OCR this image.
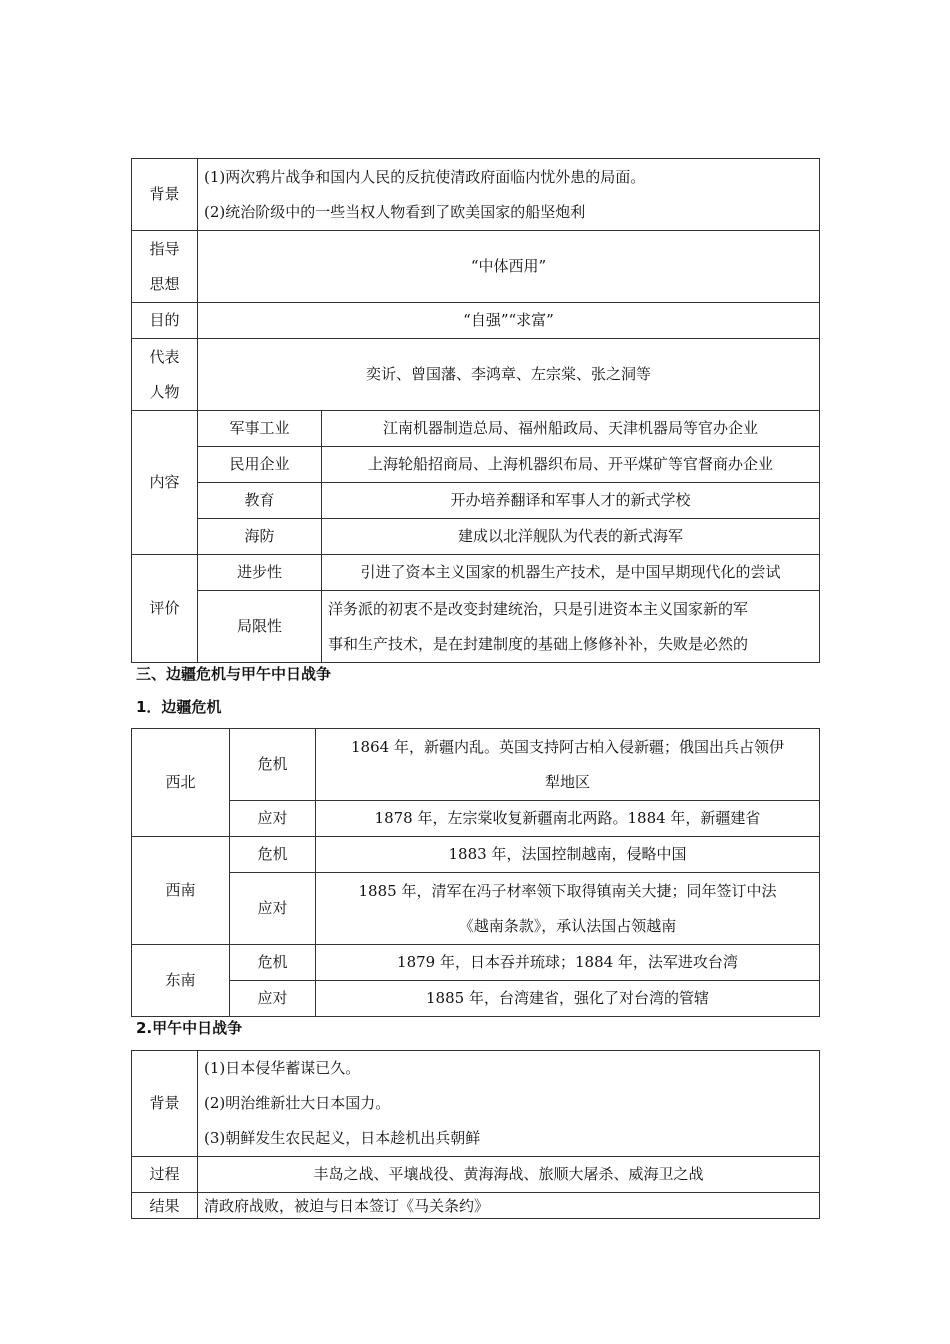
背景	(1)两次鸦片战争和国内人民的反抗使清政府面临内忧外患的局面。
(2)统治阶级中的一些当权人物看到了欧美国家的船坚炮利	

指导
思想	“中体西用”	
目的	“自强”“求富”	

代表
人物	奕䜣、曾国藩、李鸿章、左宗棠、张之洞等	
内容	军事工业	江南机器制造总局、福州船政局、天津机器局等官办企业
	民用企业	上海轮船招商局、上海机器织布局、开平煤矿等官督商办企业
	教育	开办培养翻译和军事人才的新式学校
	海防	建成以北洋舰队为代表的新式海军
评价	进步性	引进了资本主义国家的机器生产技术，是中国早期现代化的尝试
	局限性	洋务派的初衷不是改变封建统治，只是引进资本主义国家新的军
事和生产技术，是在封建制度的基础上修修补补，失败是必然的
三、边疆危机与甲午中日战争
1．边疆危机
西北	危机	1864 年，新疆内乱。英国支持阿古柏入侵新疆；俄国出兵占领伊
犁地区

	应对	1878 年，左宗棠收复新疆南北两路。1884 年，新疆建省
西南	危机	1883 年，法国控制越南，侵略中国
	应对	1885 年，清军在冯子材率领下取得镇南关大捷；同年签订中法
《越南条款》，承认法国占领越南

东南	危机	1879 年，日本吞并琉球；1884 年，法军进攻台湾
	应对	1885 年，台湾建省，强化了对台湾的管辖
2.甲午中日战争
背景	(1)日本侵华蓄谋已久。
(2)明治维新壮大日本国力。
(3)朝鲜发生农民起义，日本趁机出兵朝鲜

过程	丰岛之战、平壤战役、黄海海战、旅顺大屠杀、威海卫之战
结果	清政府战败，被迫与日本签订《马关条约》
